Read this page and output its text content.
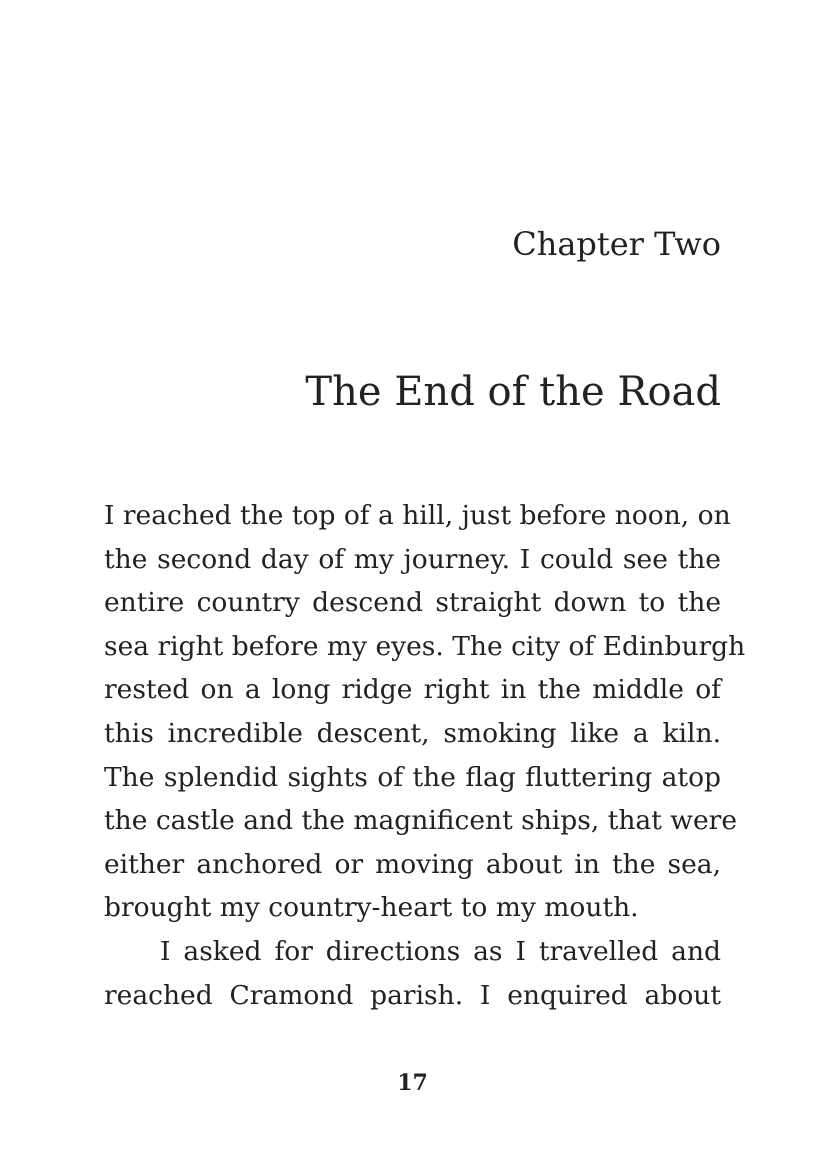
Chapter Two
The End of the Road
I reached the top of a hill, just before noon, on
the second day of my journey. I could see the
entire country descend straight down to the
sea right before my eyes. The city of Edinburgh
rested on a long ridge right in the middle of
this incredible descent, smoking like a kiln.
The splendid sights of the flag fluttering atop
the castle and the magnificent ships, that were
either anchored or moving about in the sea,
brought my country-heart to my mouth.
I asked for directions as I travelled and
reached Cramond parish. I enquired about
17
